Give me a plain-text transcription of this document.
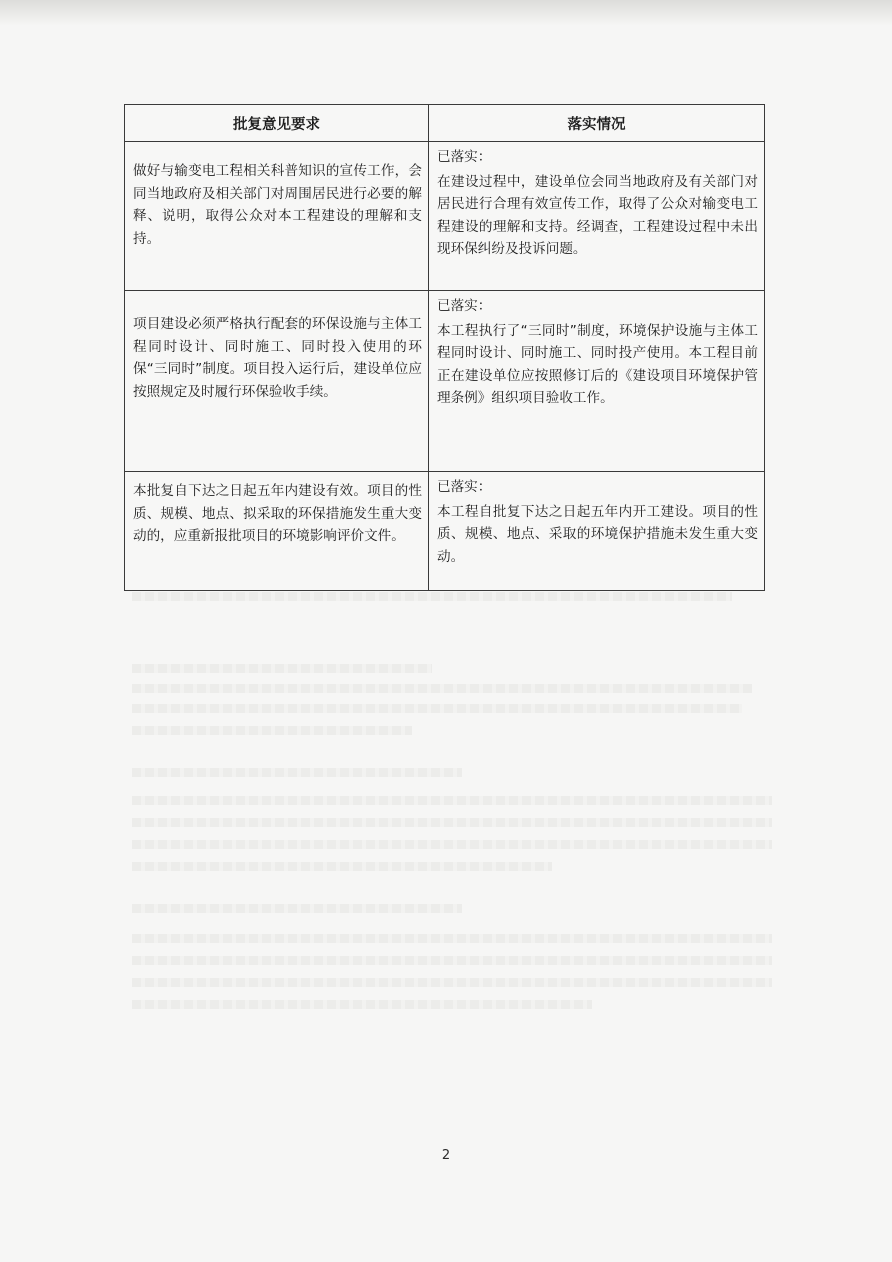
批复意见要求	落实情况
做好与输变电工程相关科普知识的宣传工作，会同当地政府及相关部门对周围居民进行必要的解释、说明，取得公众对本工程建设的理解和支持。	已落实：
在建设过程中，建设单位会同当地政府及有关部门对居民进行合理有效宣传工作，取得了公众对输变电工程建设的理解和支持。经调查，工程建设过程中未出现环保纠纷及投诉问题。
项目建设必须严格执行配套的环保设施与主体工程同时设计、同时施工、同时投入使用的环保“三同时”制度。项目投入运行后，建设单位应按照规定及时履行环保验收手续。	已落实：
本工程执行了“三同时”制度，环境保护设施与主体工程同时设计、同时施工、同时投产使用。本工程目前正在建设单位应按照修订后的《建设项目环境保护管理条例》组织项目验收工作。
本批复自下达之日起五年内建设有效。项目的性质、规模、地点、拟采取的环保措施发生重大变动的，应重新报批项目的环境影响评价文件。	已落实：
本工程自批复下达之日起五年内开工建设。项目的性质、规模、地点、采取的环境保护措施未发生重大变动。
2
